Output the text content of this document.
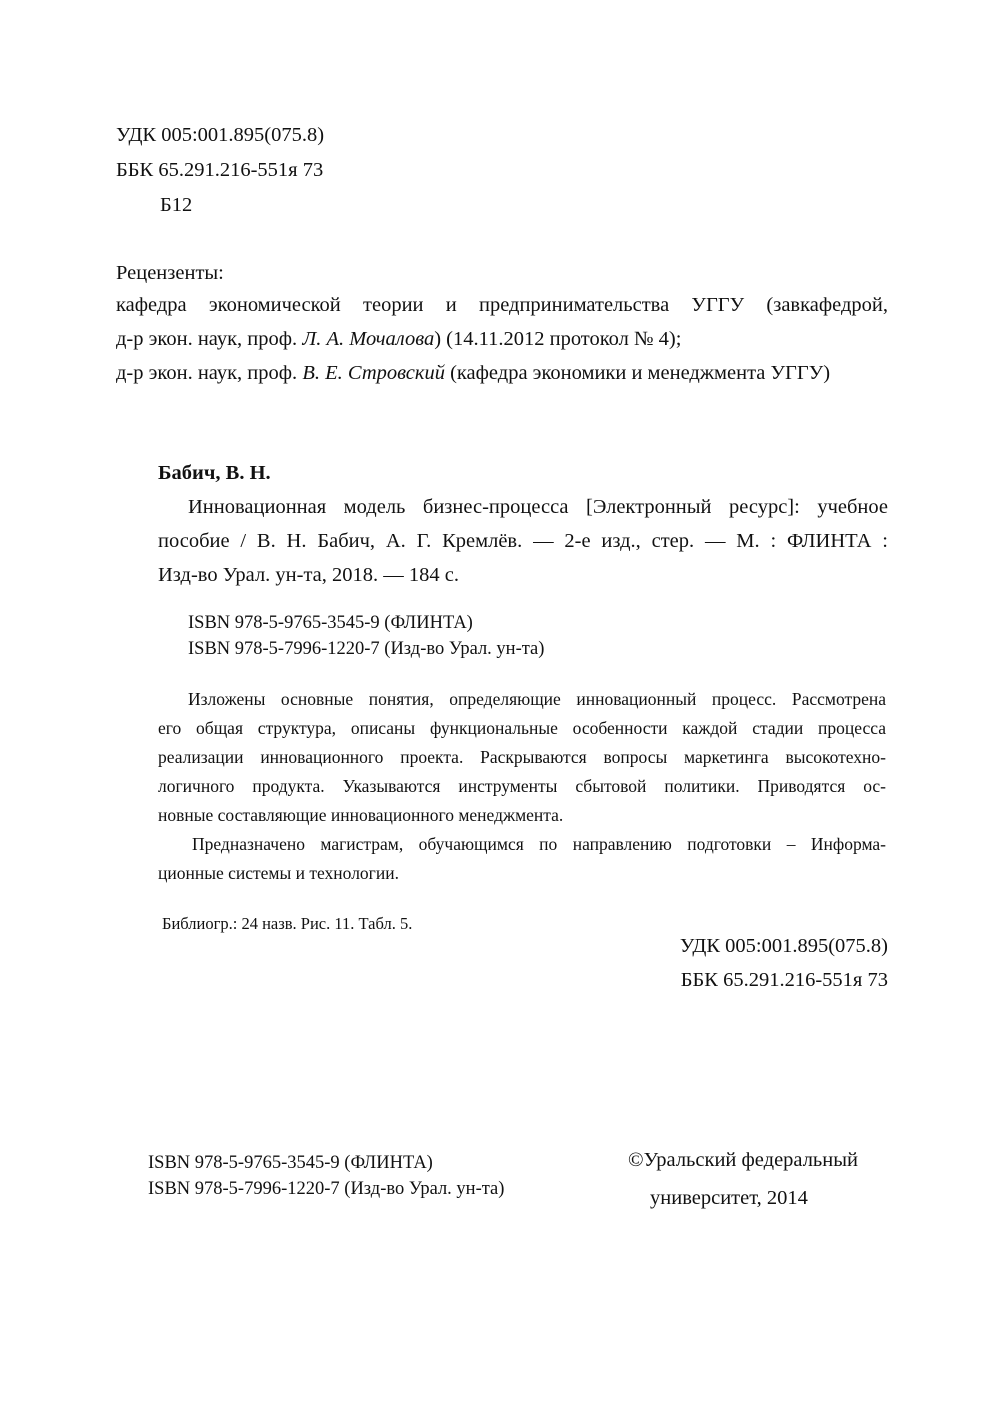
УДК 005:001.895(075.8)
ББК 65.291.216-551я 73
Б12
Рецензенты:
кафедра экономической теории и предпринимательства УГГУ (завкафедрой,
д-р экон. наук, проф. Л. А. Мочалова) (14.11.2012 протокол № 4);
д-р экон. наук, проф. В. Е. Стровский (кафедра экономики и менеджмента УГГУ)
Бабич, В. Н.
Инновационная модель бизнес-процесса [Электронный ресурс]: учебное
пособие / В. Н. Бабич, А. Г. Кремлёв. — 2-е изд., стер. — М. : ФЛИНТА :
Изд-во Урал. ун-та, 2018. — 184 с.
ISBN 978-5-9765-3545-9 (ФЛИНТА)
ISBN 978-5-7996-1220-7 (Изд-во Урал. ун-та)
Изложены основные понятия, определяющие инновационный процесс. Рассмотрена
его общая структура, описаны функциональные особенности каждой стадии процесса
реализации инновационного проекта. Раскрываются вопросы маркетинга высокотехно-
логичного продукта. Указываются инструменты сбытовой политики. Приводятся ос-
новные составляющие инновационного менеджмента.
Предназначено магистрам, обучающимся по направлению подготовки – Информа-
ционные системы и технологии.
Библиогр.: 24 назв. Рис. 11. Табл. 5.
УДК 005:001.895(075.8)
ББК 65.291.216-551я 73
ISBN 978-5-9765-3545-9 (ФЛИНТА)
ISBN 978-5-7996-1220-7 (Изд-во Урал. ун-та)
©Уральский федеральный
университет, 2014
